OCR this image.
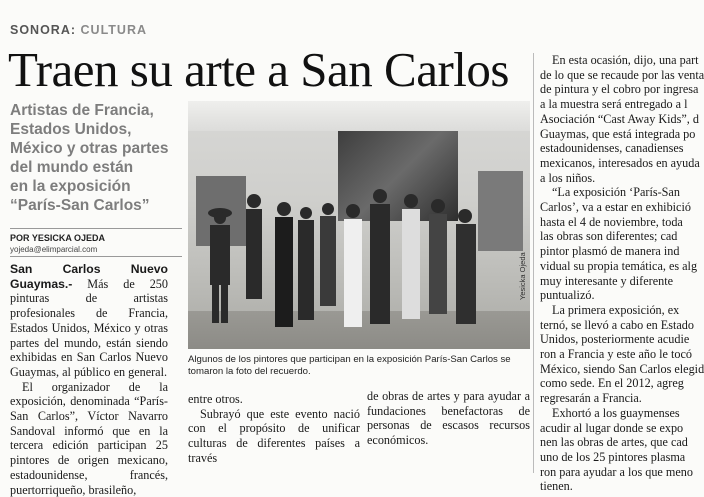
SONORA: CULTURA
Traen su arte a San Carlos
Artistas de Francia,
Estados Unidos,
México y otras partes
del mundo están
en la exposición
“París-San Carlos”
POR YESICKA OJEDA
yojeda@elimparcial.com

San Carlos Nuevo Guaymas.- Más de 250 pinturas de artistas profesionales de Francia, Estados Unidos, México y otras partes del mundo, están siendo exhibidas en San Carlos Nuevo Guaymas, al público en general.

El organizador de la exposición, denominada “París-San Carlos”, Víctor Navarro Sandoval informó que en la tercera edición participan 25 pintores de origen mexicano, estadounidense, francés, puertorriqueño, brasileño,

Yesicka Ojeda
Algunos de los pintores que participan en la exposición París-San Carlos se tomaron la foto del recuerdo.

entre otros.

Subrayó que este evento nació con el propósito de unificar culturas de diferentes países a través

de obras de artes y para ayudar a fundaciones benefactoras de personas de escasos recursos económicos.

En esta ocasión, dijo, una part
de lo que se recaude por las venta
de pintura y el cobro por ingresa
a la muestra será entregado a l
Asociación “Cast Away Kids”, d
Guaymas, que está integrada po
estadounidenses, canadienses
mexicanos, interesados en ayuda
a los niños.
“La exposición ‘París-San
Carlos’, va a estar en exhibició
hasta el 4 de noviembre, toda
las obras son diferentes; cad
pintor plasmó de manera ind
vidual su propia temática, es alg
muy interesante y diferente
puntualizó.
La primera exposición, ex
ternó, se llevó a cabo en Estado
Unidos, posteriormente acudie
ron a Francia y este año le tocó
México, siendo San Carlos elegid
como sede. En el 2012, agreg
regresarán a Francia.
Exhortó a los guaymenses
acudir al lugar donde se expo
nen las obras de artes, que cad
uno de los 25 pintores plasma
ron para ayudar a los que meno
tienen.
